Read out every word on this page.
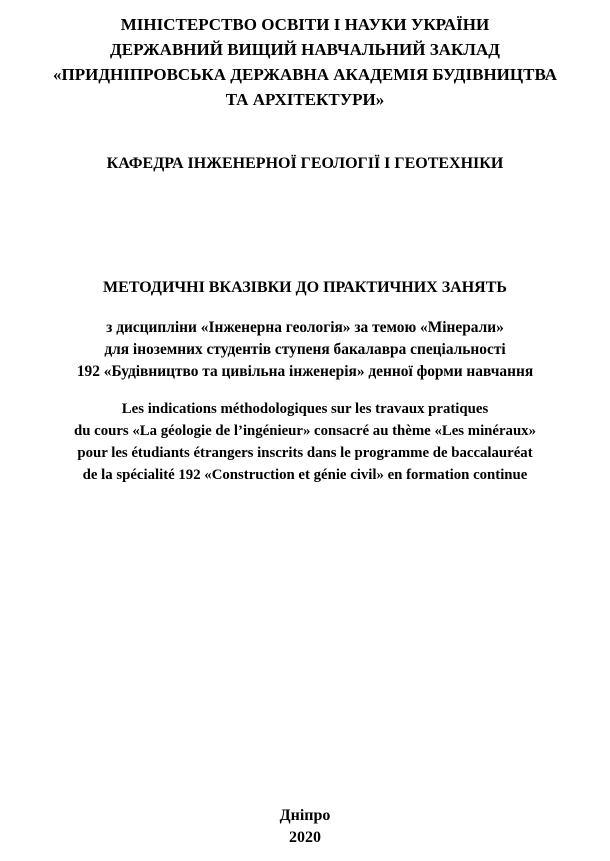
МІНІСТЕРСТВО ОСВІТИ І НАУКИ УКРАЇНИ
ДЕРЖАВНИЙ ВИЩИЙ НАВЧАЛЬНИЙ ЗАКЛАД
«ПРИДНІПРОВСЬКА ДЕРЖАВНА АКАДЕМІЯ БУДІВНИЦТВА
ТА АРХІТЕКТУРИ»
КАФЕДРА ІНЖЕНЕРНОЇ ГЕОЛОГІЇ І ГЕОТЕХНІКИ
МЕТОДИЧНІ ВКАЗІВКИ ДО ПРАКТИЧНИХ ЗАНЯТЬ
з дисципліни «Інженерна геологія» за темою «Мінерали»
для іноземних студентів ступеня бакалавра спеціальності
192 «Будівництво та цивільна інженерія» денної форми навчання
Les indications méthodologiques sur les travaux pratiques
du cours «La géologie de l’ingénieur» consacré au thème «Les minéraux»
pour les étudiants étrangers inscrits dans le programme de baccalauréat
de la spécialité 192 «Construction et génie civil» en formation continue
Дніпро
2020
